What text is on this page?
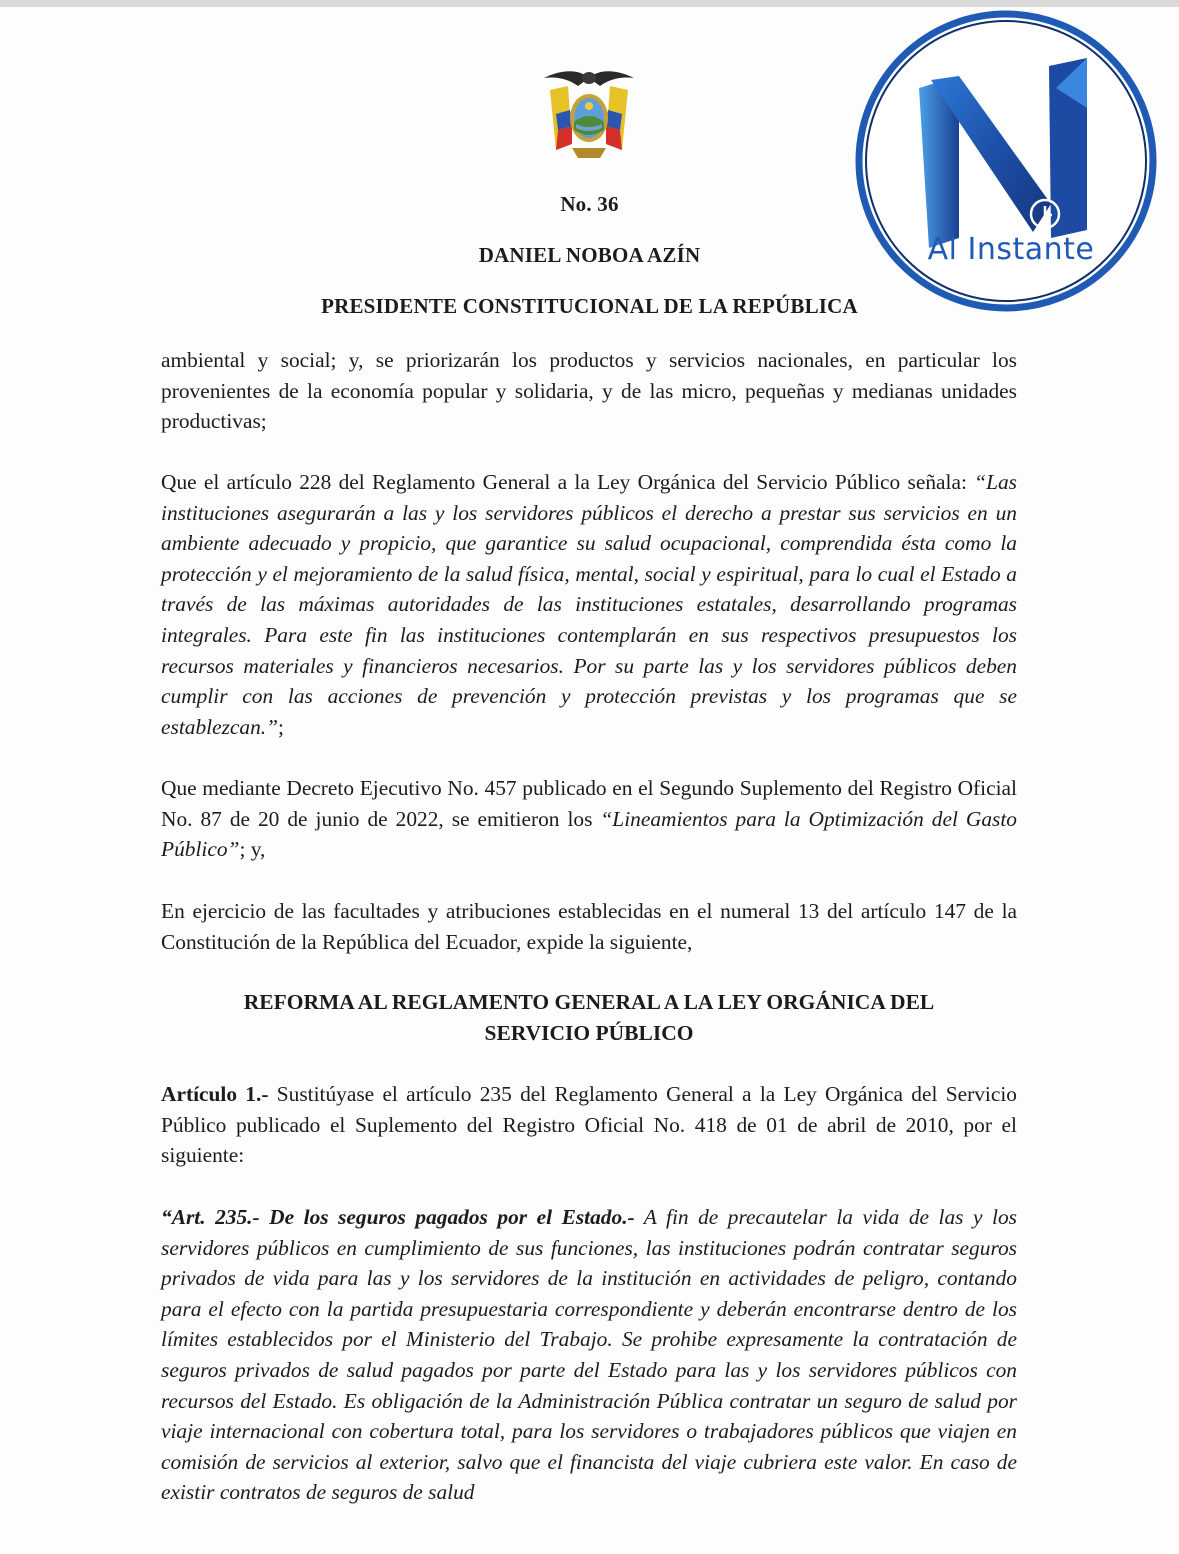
No. 36
DANIEL NOBOA AZÍN
PRESIDENTE CONSTITUCIONAL DE LA REPÚBLICA
Al Instante

ambiental y social; y, se priorizarán los productos y servicios nacionales, en particular los provenientes de la economía popular y solidaria, y de las micro, pequeñas y medianas unidades productivas;

Que el artículo 228 del Reglamento General a la Ley Orgánica del Servicio Público señala: “Las instituciones asegurarán a las y los servidores públicos el derecho a prestar sus servicios en un ambiente adecuado y propicio, que garantice su salud ocupacional, comprendida ésta como la protección y el mejoramiento de la salud física, mental, social y espiritual, para lo cual el Estado a través de las máximas autoridades de las instituciones estatales, desarrollando programas integrales. Para este fin las instituciones contemplarán en sus respectivos presupuestos los recursos materiales y financieros necesarios. Por su parte las y los servidores públicos deben cumplir con las acciones de prevención y protección previstas y los programas que se establezcan.”;

Que mediante Decreto Ejecutivo No. 457 publicado en el Segundo Suplemento del Registro Oficial No. 87 de 20 de junio de 2022, se emitieron los “Lineamientos para la Optimización del Gasto Público”; y,

En ejercicio de las facultades y atribuciones establecidas en el numeral 13 del artículo 147 de la Constitución de la República del Ecuador, expide la siguiente,

REFORMA AL REGLAMENTO GENERAL A LA LEY ORGÁNICA DEL
SERVICIO PÚBLICO

Artículo 1.- Sustitúyase el artículo 235 del Reglamento General a la Ley Orgánica del Servicio Público publicado el Suplemento del Registro Oficial No. 418 de 01 de abril de 2010, por el siguiente:

“Art. 235.- De los seguros pagados por el Estado.- A fin de precautelar la vida de las y los servidores públicos en cumplimiento de sus funciones, las instituciones podrán contratar seguros privados de vida para las y los servidores de la institución en actividades de peligro, contando para el efecto con la partida presupuestaria correspondiente y deberán encontrarse dentro de los límites establecidos por el Ministerio del Trabajo. Se prohibe expresamente la contratación de seguros privados de salud pagados por parte del Estado para las y los servidores públicos con recursos del Estado. Es obligación de la Administración Pública contratar un seguro de salud por viaje internacional con cobertura total, para los servidores o trabajadores públicos que viajen en comisión de servicios al exterior, salvo que el financista del viaje cubriera este valor. En caso de existir contratos de seguros de salud
